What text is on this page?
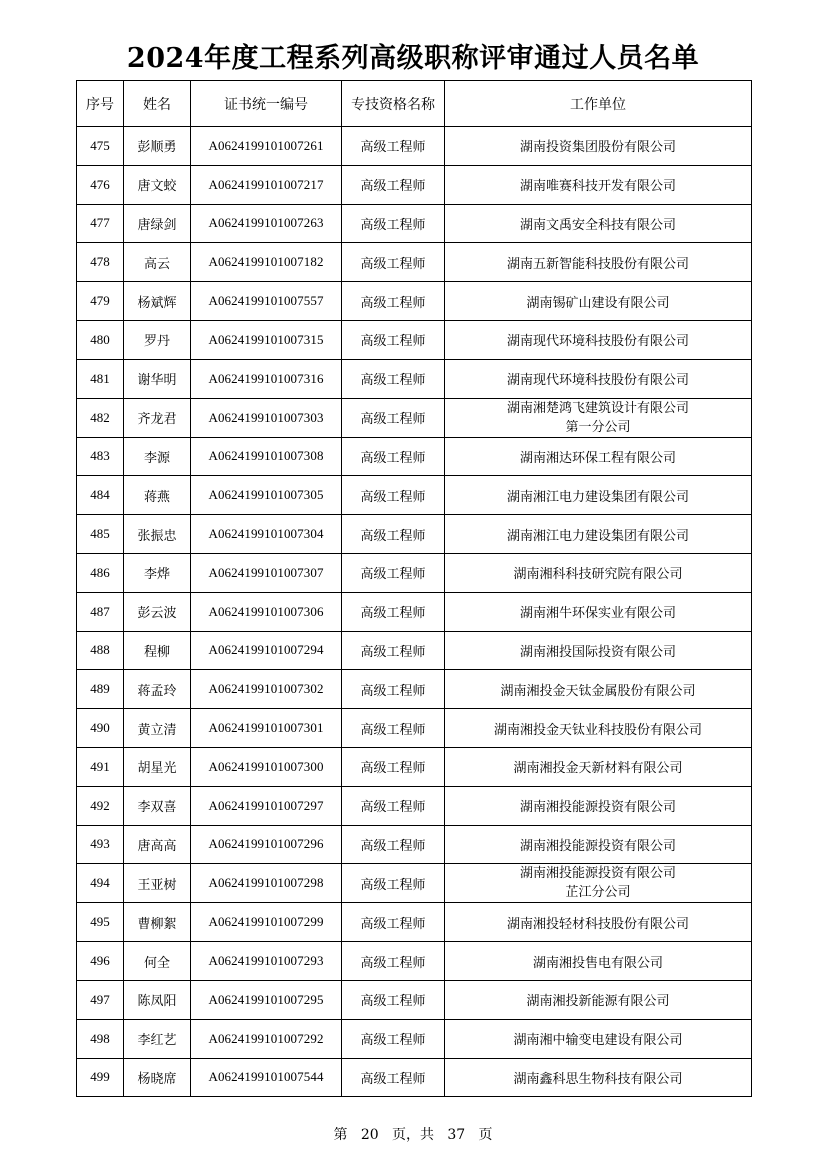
2024年度工程系列高级职称评审通过人员名单
序号	姓名	证书统一编号	专技资格名称	工作单位
475	彭顺勇	A0624199101007261	高级工程师	湖南投资集团股份有限公司
476	唐文蛟	A0624199101007217	高级工程师	湖南唯赛科技开发有限公司
477	唐绿剑	A0624199101007263	高级工程师	湖南文禹安全科技有限公司
478	高云	A0624199101007182	高级工程师	湖南五新智能科技股份有限公司
479	杨斌辉	A0624199101007557	高级工程师	湖南锡矿山建设有限公司
480	罗丹	A0624199101007315	高级工程师	湖南现代环境科技股份有限公司
481	谢华明	A0624199101007316	高级工程师	湖南现代环境科技股份有限公司
482	齐龙君	A0624199101007303	高级工程师	湖南湘楚鸿飞建筑设计有限公司
第一分公司
483	李源	A0624199101007308	高级工程师	湖南湘达环保工程有限公司
484	蒋燕	A0624199101007305	高级工程师	湖南湘江电力建设集团有限公司
485	张振忠	A0624199101007304	高级工程师	湖南湘江电力建设集团有限公司
486	李烨	A0624199101007307	高级工程师	湖南湘科科技研究院有限公司
487	彭云波	A0624199101007306	高级工程师	湖南湘牛环保实业有限公司
488	程柳	A0624199101007294	高级工程师	湖南湘投国际投资有限公司
489	蒋孟玲	A0624199101007302	高级工程师	湖南湘投金天钛金属股份有限公司
490	黄立清	A0624199101007301	高级工程师	湖南湘投金天钛业科技股份有限公司
491	胡星光	A0624199101007300	高级工程师	湖南湘投金天新材料有限公司
492	李双喜	A0624199101007297	高级工程师	湖南湘投能源投资有限公司
493	唐高高	A0624199101007296	高级工程师	湖南湘投能源投资有限公司
494	王亚树	A0624199101007298	高级工程师	湖南湘投能源投资有限公司
芷江分公司
495	曹柳絮	A0624199101007299	高级工程师	湖南湘投轻材科技股份有限公司
496	何全	A0624199101007293	高级工程师	湖南湘投售电有限公司
497	陈凤阳	A0624199101007295	高级工程师	湖南湘投新能源有限公司
498	李红艺	A0624199101007292	高级工程师	湖南湘中输变电建设有限公司
499	杨晓席	A0624199101007544	高级工程师	湖南鑫科思生物科技有限公司
第 20 页，共 37 页
